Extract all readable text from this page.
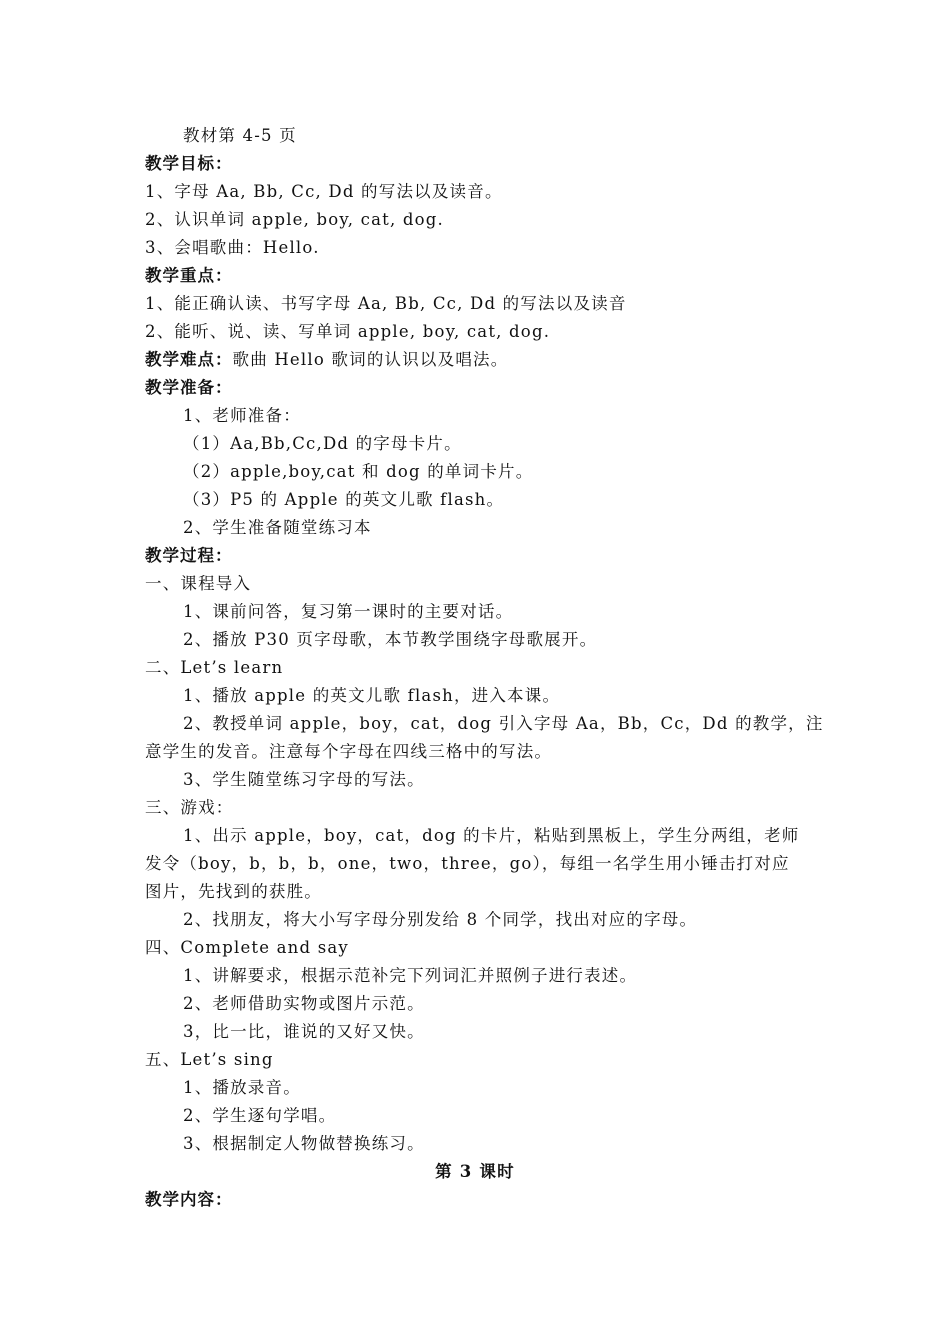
教材第 4-5 页
教学目标：
1、字母 Aa, Bb, Cc, Dd 的写法以及读音。
2、认识单词 apple, boy, cat, dog.
3、会唱歌曲：Hello.
教学重点：
1、能正确认读、书写字母 Aa, Bb, Cc, Dd 的写法以及读音
2、能听、说、读、写单词 apple, boy, cat, dog.
教学难点：歌曲 Hello 歌词的认识以及唱法。
教学准备：
1、老师准备：
（1）Aa,Bb,Cc,Dd 的字母卡片。
（2）apple,boy,cat 和 dog 的单词卡片。
（3）P5 的 Apple 的英文儿歌 flash。
2、学生准备随堂练习本
教学过程：
一、课程导入
1、课前问答，复习第一课时的主要对话。
2、播放 P30 页字母歌，本节教学围绕字母歌展开。
二、Let’s learn
1、播放 apple 的英文儿歌 flash，进入本课。
2、教授单词 apple，boy，cat，dog 引入字母 Aa，Bb，Cc，Dd 的教学，注
意学生的发音。注意每个字母在四线三格中的写法。
3、学生随堂练习字母的写法。
三、游戏：
1、出示 apple，boy，cat，dog 的卡片，粘贴到黑板上，学生分两组，老师
发令（boy，b，b，b，one，two，three，go），每组一名学生用小锤击打对应
图片，先找到的获胜。
2、找朋友，将大小写字母分别发给 8 个同学，找出对应的字母。
四、Complete and say
1、讲解要求，根据示范补完下列词汇并照例子进行表述。
2、老师借助实物或图片示范。
3，比一比，谁说的又好又快。
五、Let’s sing
1、播放录音。
2、学生逐句学唱。
3、根据制定人物做替换练习。
第 3 课时
教学内容：
